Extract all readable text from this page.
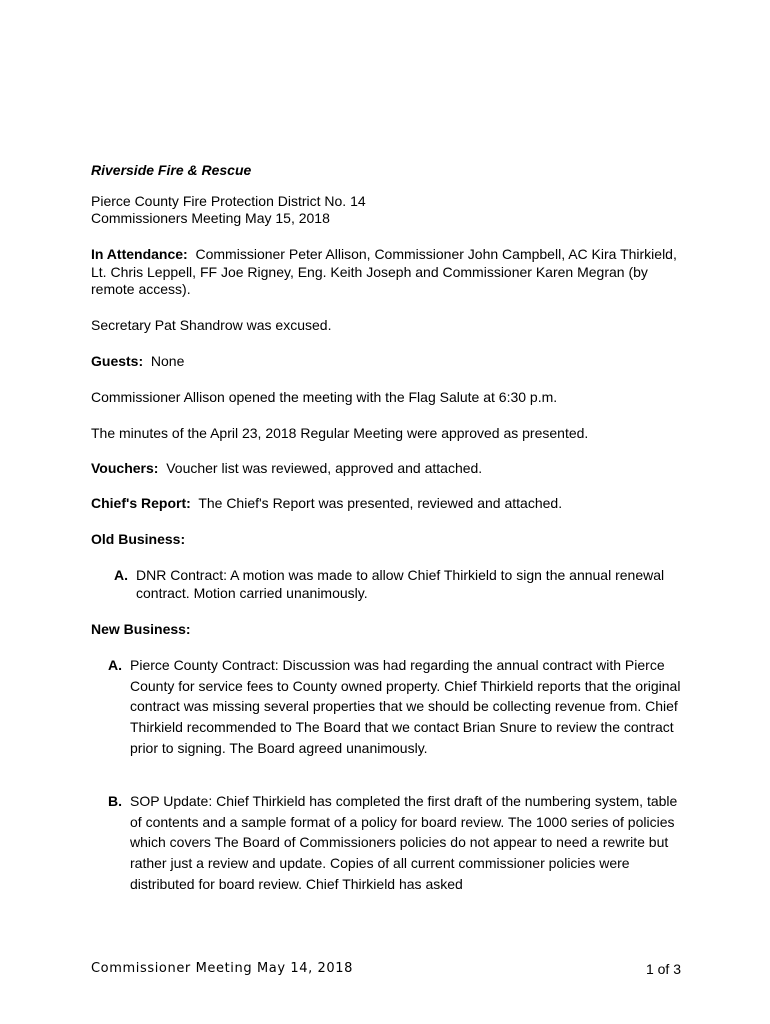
Riverside Fire & Rescue

Pierce County Fire Protection District No. 14

Commissioners Meeting May 15, 2018

In Attendance: Commissioner Peter Allison, Commissioner John Campbell, AC Kira Thirkield, Lt. Chris Leppell, FF Joe Rigney, Eng. Keith Joseph and Commissioner Karen Megran (by remote access).

Secretary Pat Shandrow was excused.

Guests: None

Commissioner Allison opened the meeting with the Flag Salute at 6:30 p.m.

The minutes of the April 23, 2018 Regular Meeting were approved as presented.

Vouchers: Voucher list was reviewed, approved and attached.

Chief's Report: The Chief's Report was presented, reviewed and attached.

Old Business:

A. DNR Contract: A motion was made to allow Chief Thirkield to sign the annual renewal contract. Motion carried unanimously.

New Business:

A. Pierce County Contract: Discussion was had regarding the annual contract with Pierce County for service fees to County owned property. Chief Thirkield reports that the original contract was missing several properties that we should be collecting revenue from. Chief Thirkield recommended to The Board that we contact Brian Snure to review the contract prior to signing. The Board agreed unanimously.
B. SOP Update: Chief Thirkield has completed the first draft of the numbering system, table of contents and a sample format of a policy for board review. The 1000 series of policies which covers The Board of Commissioners policies do not appear to need a rewrite but rather just a review and update. Copies of all current commissioner policies were distributed for board review. Chief Thirkield has asked

Commissioner Meeting May 14, 2018	1 of 3
